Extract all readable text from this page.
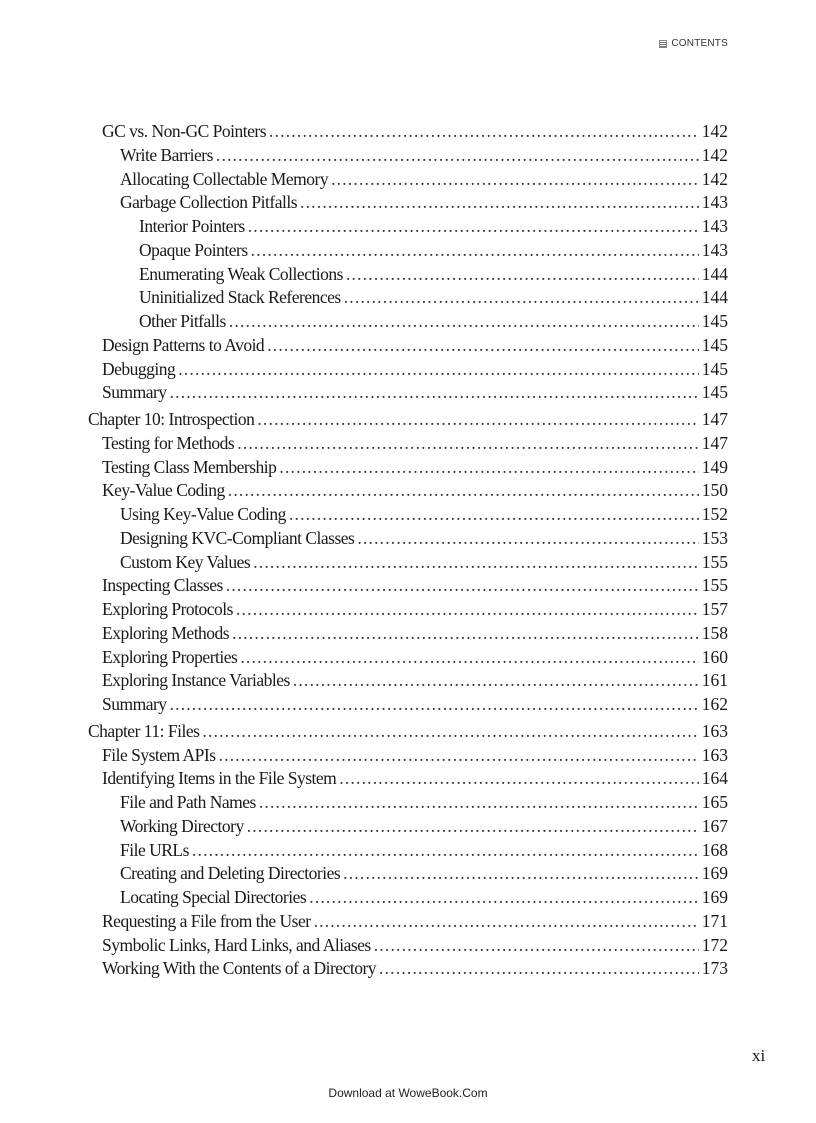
CONTENTS
GC vs. Non-GC Pointers .....	142
Write Barriers .....	142
Allocating Collectable Memory .....	142
Garbage Collection Pitfalls .....	143
Interior Pointers .....	143
Opaque Pointers .....	143
Enumerating Weak Collections .....	144
Uninitialized Stack References .....	144
Other Pitfalls .....	145
Design Patterns to Avoid .....	145
Debugging .....	145
Summary .....	145
Chapter 10: Introspection .....	147
Testing for Methods .....	147
Testing Class Membership .....	149
Key-Value Coding .....	150
Using Key-Value Coding .....	152
Designing KVC-Compliant Classes .....	153
Custom Key Values .....	155
Inspecting Classes .....	155
Exploring Protocols .....	157
Exploring Methods .....	158
Exploring Properties .....	160
Exploring Instance Variables .....	161
Summary .....	162
Chapter 11: Files .....	163
File System APIs .....	163
Identifying Items in the File System .....	164
File and Path Names .....	165
Working Directory .....	167
File URLs .....	168
Creating and Deleting Directories .....	169
Locating Special Directories .....	169
Requesting a File from the User .....	171
Symbolic Links, Hard Links, and Aliases .....	172
Working With the Contents of a Directory .....	173
xi
Download at WoweBook.Com
